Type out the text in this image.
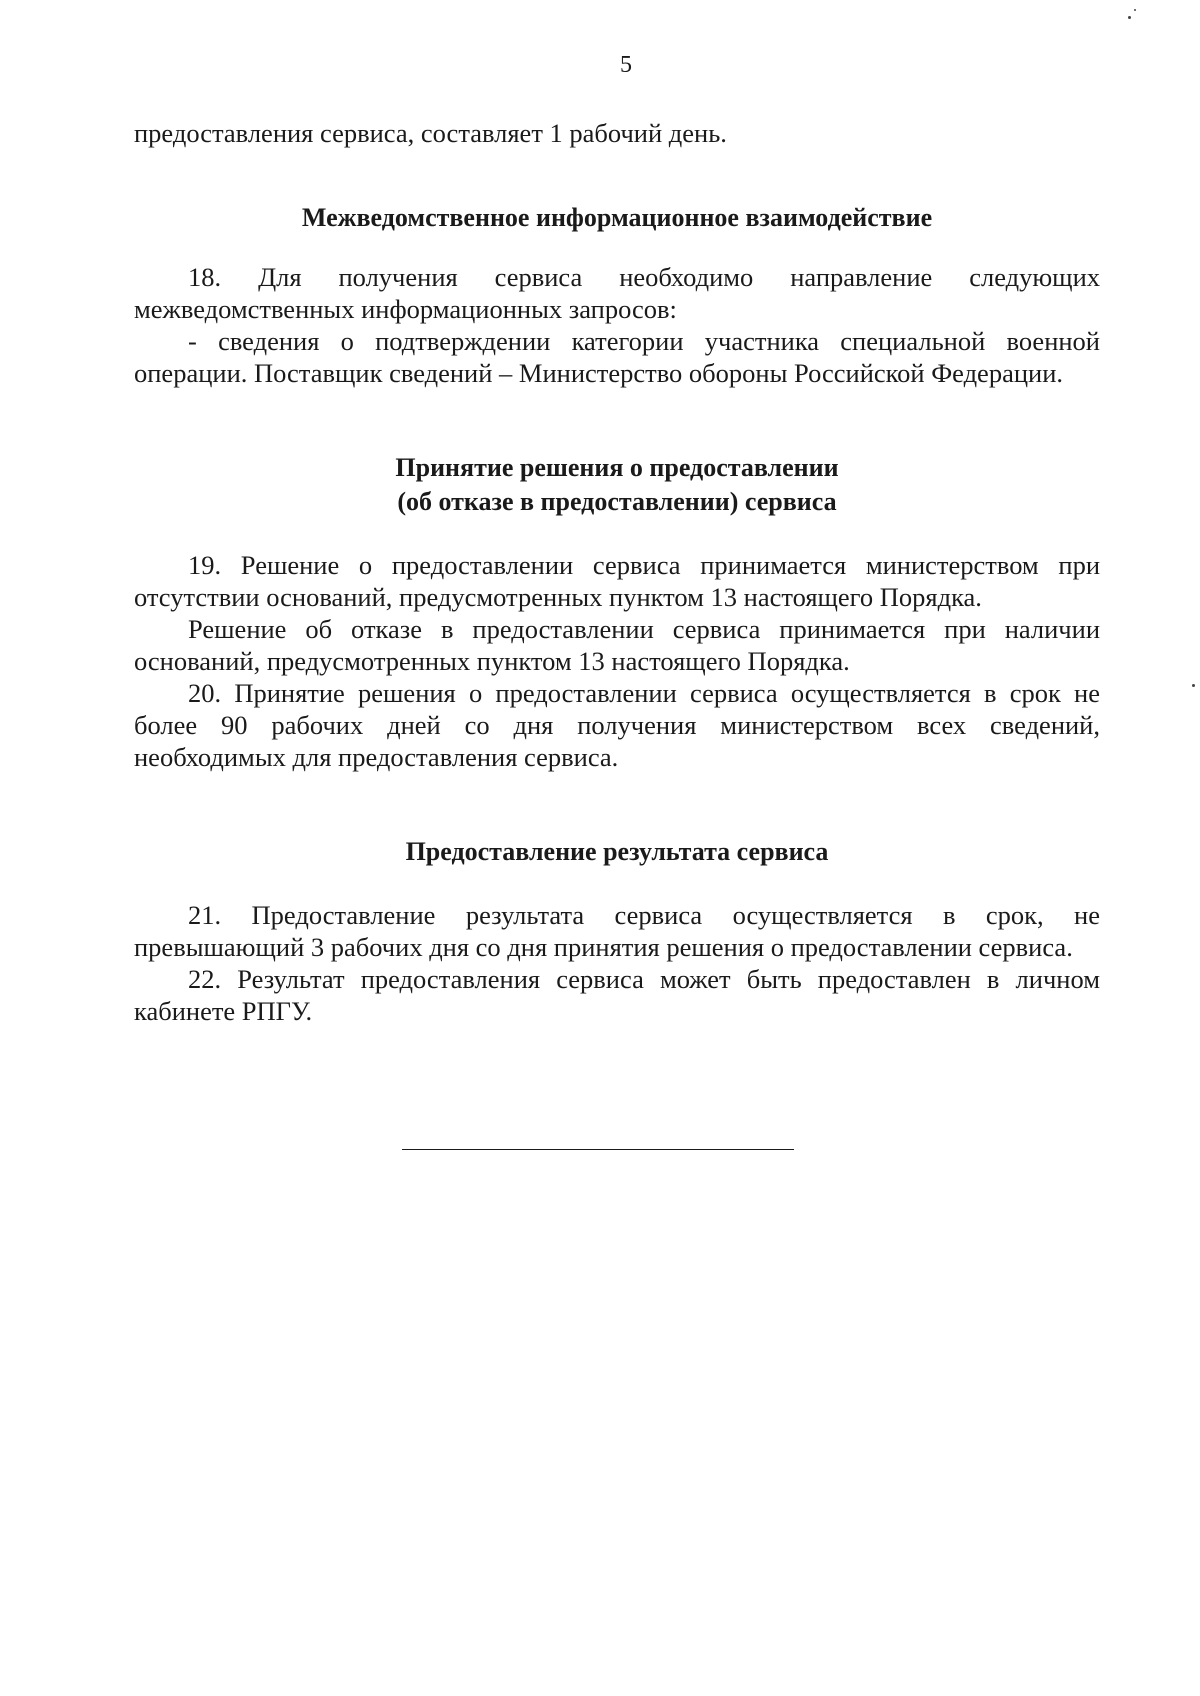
5

предоставления сервиса, составляет 1 рабочий день.

Межведомственное информационное взаимодействие

18. Для получения сервиса необходимо направление следующих межведомственных информационных запросов:

- сведения о подтверждении категории участника специальной военной операции. Поставщик сведений – Министерство обороны Российской Федерации.

Принятие решения о предоставлении
(об отказе в предоставлении) сервиса

19. Решение о предоставлении сервиса принимается министерством при отсутствии оснований, предусмотренных пунктом 13 настоящего Порядка.

Решение об отказе в предоставлении сервиса принимается при наличии оснований, предусмотренных пунктом 13 настоящего Порядка.

20. Принятие решения о предоставлении сервиса осуществляется в срок не более 90 рабочих дней со дня получения министерством всех сведений, необходимых для предоставления сервиса.

Предоставление результата сервиса

21. Предоставление результата сервиса осуществляется в срок, не превышающий 3 рабочих дня со дня принятия решения о предоставлении сервиса.

22. Результат предоставления сервиса может быть предоставлен в личном кабинете РПГУ.
